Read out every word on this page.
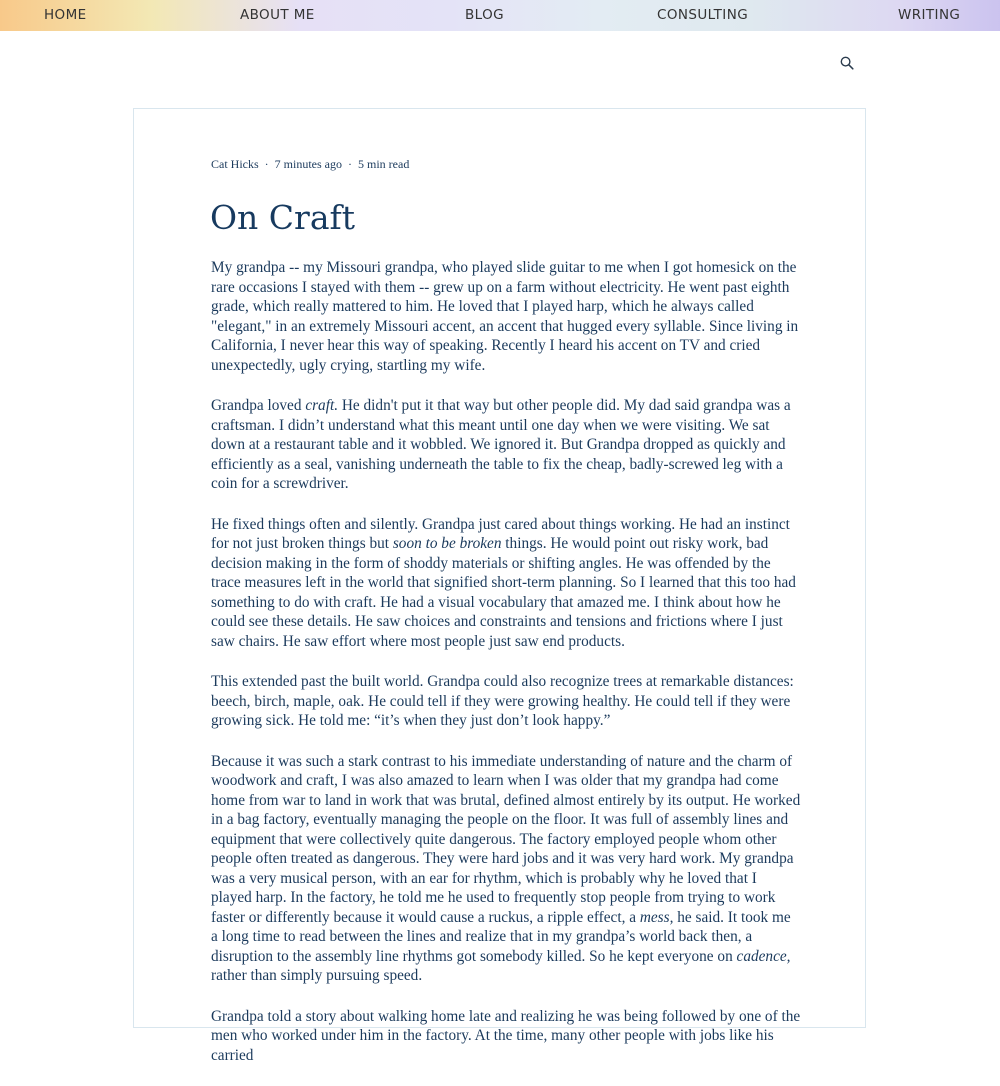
HOME	ABOUT ME	BLOG	CONSULTING	WRITING
Cat Hicks · 7 minutes ago · 5 min read
On Craft

My grandpa -- my Missouri grandpa, who played slide guitar to me when I got homesick on the rare occasions I stayed with them -- grew up on a farm without electricity. He went past eighth grade, which really mattered to him. He loved that I played harp, which he always called "elegant," in an extremely Missouri accent, an accent that hugged every syllable. Since living in California, I never hear this way of speaking. Recently I heard his accent on TV and cried unexpectedly, ugly crying, startling my wife.

Grandpa loved craft. He didn't put it that way but other people did. My dad said grandpa was a craftsman. I didn’t understand what this meant until one day when we were visiting. We sat down at a restaurant table and it wobbled. We ignored it. But Grandpa dropped as quickly and efficiently as a seal, vanishing underneath the table to fix the cheap, badly-screwed leg with a coin for a screwdriver.

He fixed things often and silently. Grandpa just cared about things working. He had an instinct for not just broken things but soon to be broken things. He would point out risky work, bad decision making in the form of shoddy materials or shifting angles. He was offended by the trace measures left in the world that signified short-term planning. So I learned that this too had something to do with craft. He had a visual vocabulary that amazed me. I think about how he could see these details. He saw choices and constraints and tensions and frictions where I just saw chairs. He saw effort where most people just saw end products.

This extended past the built world. Grandpa could also recognize trees at remarkable distances: beech, birch, maple, oak. He could tell if they were growing healthy. He could tell if they were growing sick. He told me: “it’s when they just don’t look happy.”

Because it was such a stark contrast to his immediate understanding of nature and the charm of woodwork and craft, I was also amazed to learn when I was older that my grandpa had come home from war to land in work that was brutal, defined almost entirely by its output. He worked in a bag factory, eventually managing the people on the floor. It was full of assembly lines and equipment that were collectively quite dangerous. The factory employed people whom other people often treated as dangerous. They were hard jobs and it was very hard work. My grandpa was a very musical person, with an ear for rhythm, which is probably why he loved that I played harp. In the factory, he told me he used to frequently stop people from trying to work faster or differently because it would cause a ruckus, a ripple effect, a mess, he said. It took me a long time to read between the lines and realize that in my grandpa’s world back then, a disruption to the assembly line rhythms got somebody killed. So he kept everyone on cadence, rather than simply pursuing speed.

Grandpa told a story about walking home late and realizing he was being followed by one of the men who worked under him in the factory. At the time, many other people with jobs like his carried
